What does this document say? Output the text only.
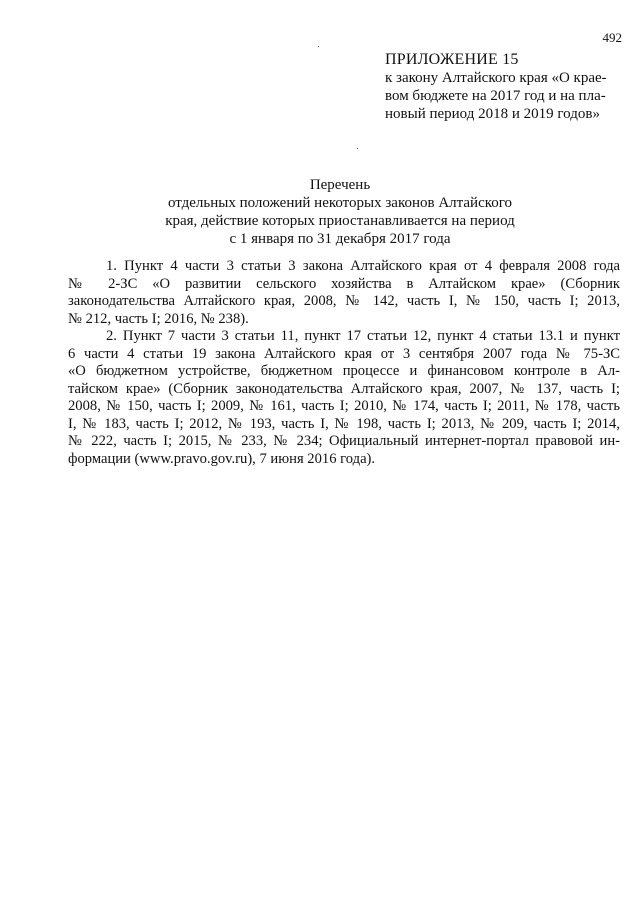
492
ПРИЛОЖЕНИЕ 15
к закону Алтайского края «О крае-
вом бюджете на 2017 год и на пла-
новый период 2018 и 2019 годов»
Перечень
отдельных положений некоторых законов Алтайского
края, действие которых приостанавливается на период
с 1 января по 31 декабря 2017 года
1. Пункт 4 части 3 статьи 3 закона Алтайского края от 4 февраля 2008 года
№ 2-ЗС «О развитии сельского хозяйства в Алтайском крае» (Сборник
законодательства Алтайского края, 2008, № 142, часть I, № 150, часть I; 2013,
№ 212, часть I; 2016, № 238).
2. Пункт 7 части 3 статьи 11, пункт 17 статьи 12, пункт 4 статьи 13.1 и пункт
6 части 4 статьи 19 закона Алтайского края от 3 сентября 2007 года № 75-ЗС
«О бюджетном устройстве, бюджетном процессе и финансовом контроле в Ал-
тайском крае» (Сборник законодательства Алтайского края, 2007, № 137, часть I;
2008, № 150, часть I; 2009, № 161, часть I; 2010, № 174, часть I; 2011, № 178, часть
I, № 183, часть I; 2012, № 193, часть I, № 198, часть I; 2013, № 209, часть I; 2014,
№ 222, часть I; 2015, № 233, № 234; Официальный интернет-портал правовой ин-
формации (www.pravo.gov.ru), 7 июня 2016 года).
